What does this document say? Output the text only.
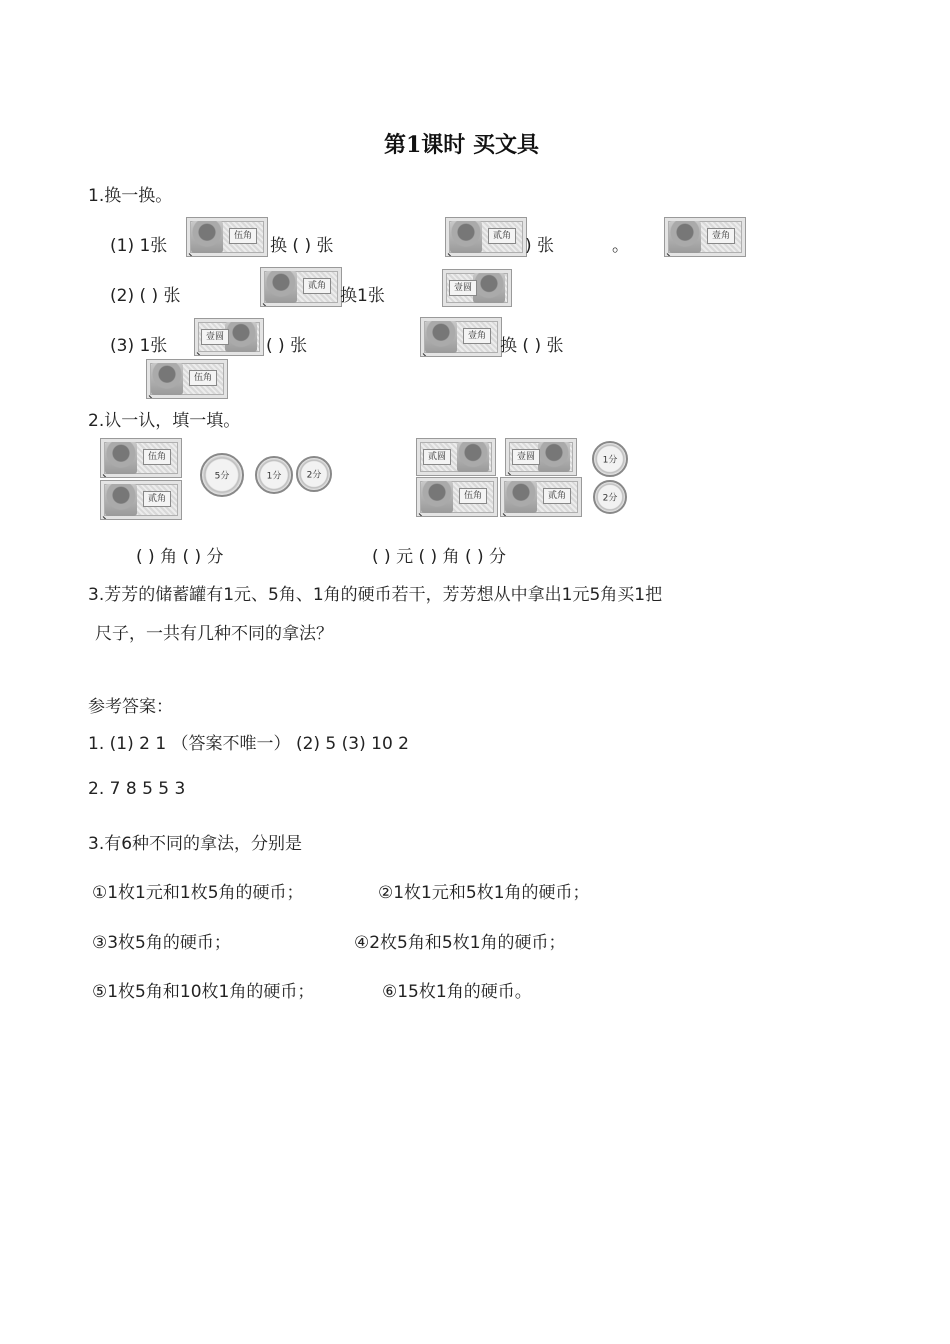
第1课时 买文具
1.换一换。
(1) 1张	伍角 换 ( ) 张	贰角 ) 张	。	壹角
(2) ( ) 张	贰角 换1张	壹圆
(3) 1张	壹圆 ( ) 张	壹角 换 ( ) 张
伍角
2.认一认，填一填。
伍角
贰角
5分	1分	2分
贰圆	壹圆	1分
伍角	贰角	2分
( ) 角 ( ) 分	( ) 元 ( ) 角 ( ) 分
3.芳芳的储蓄罐有1元、5角、1角的硬币若干，芳芳想从中拿出1元5角买1把
尺子，一共有几种不同的拿法？
参考答案：
1. (1) 2 1 （答案不唯一） (2) 5 (3) 10 2
2. 7 8 5 5 3
3.有6种不同的拿法，分别是
①1枚1元和1枚5角的硬币；	②1枚1元和5枚1角的硬币；
③3枚5角的硬币；	④2枚5角和5枚1角的硬币；
⑤1枚5角和10枚1角的硬币；	⑥15枚1角的硬币。
